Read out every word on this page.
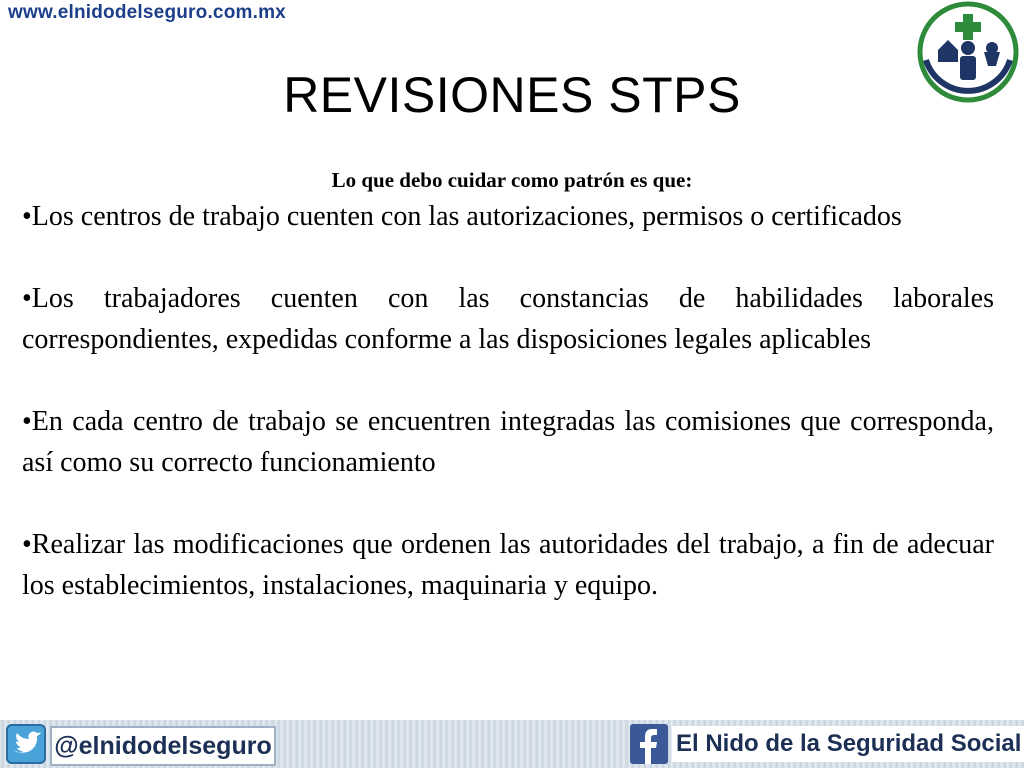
www.elnidodelseguro.com.mx
REVISIONES STPS
Lo que debo cuidar como patrón es que:

•Los centros de trabajo cuenten con las autorizaciones, permisos o certificados

•Los trabajadores cuenten con las constancias de habilidades laborales correspondientes, expedidas conforme a las disposiciones legales aplicables

•En cada centro de trabajo se encuentren integradas las comisiones que corresponda, así como su correcto funcionamiento

•Realizar las modificaciones que ordenen las autoridades del trabajo, a fin de adecuar los establecimientos, instalaciones, maquinaria y equipo.

@elnidodelseguro	El Nido de la Seguridad Social
